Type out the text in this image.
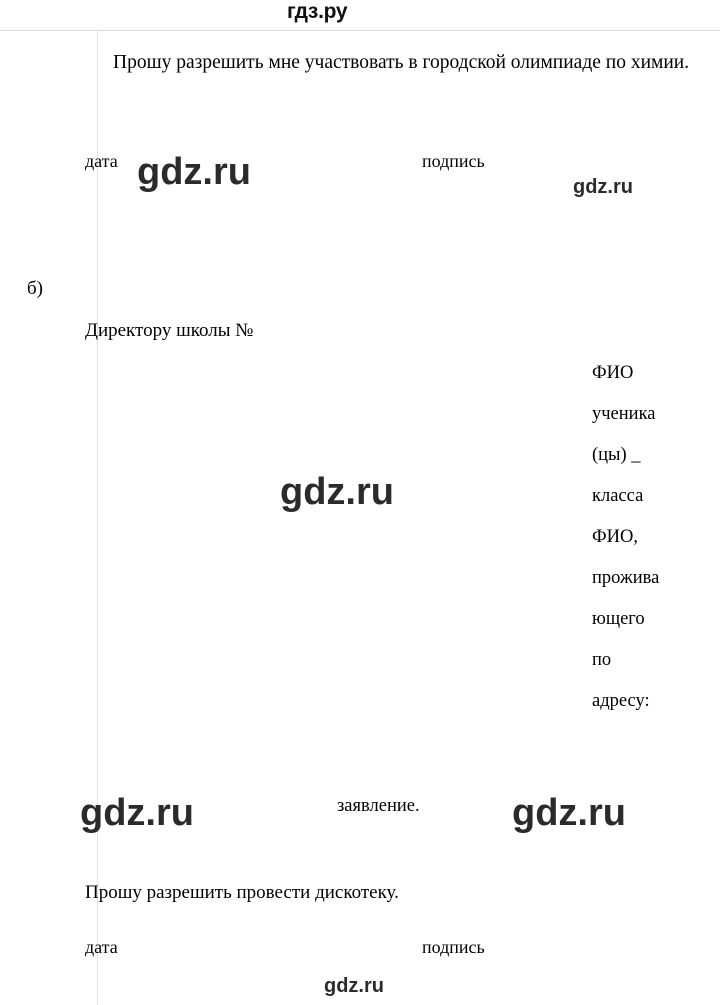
гдз.ру
Прошу разрешить мне участвовать в городской олимпиаде по химии.
дата	подпись
б)
Директору школы №
ФИО
ученика
(цы) _
класса
ФИО,
прожива
ющего
по
адресу:
заявление.
Прошу разрешить провести дискотеку.
дата	подпись
gdz.ru	gdz.ru
gdz.ru
gdz.ru	gdz.ru
gdz.ru
